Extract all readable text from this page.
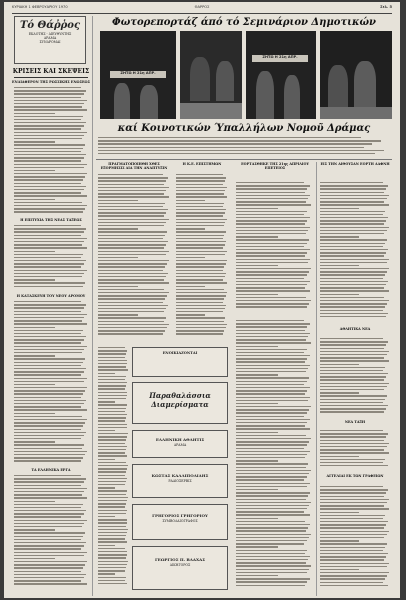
ΚΥΡΙΑΚΗ 1 ΦΕΒΡΟΥΑΡΙΟΥ 1970	ΘΑΡΡΟΣ	Σελ. 5
Τό Θάῤῥος
ΕΚΔΟΤΗΣ - ΔΙΕΥΘΥΝΤΗΣ
ΔΡΑΜΑ
ΣΥΝΔΡΟΜΑΙ
ΚΡΙΣΕΙΣ ΚΑΙ ΣΚΕΨΕΙΣ
ΕΝΔΙΑΦΕΡΟΝ ΤΗΣ ΡΩΣΣΙΚΗΣ ΕΝΩΣΕΩΣ
Η ΕΠΙΤΥΧΙΑ ΤΗΣ ΝΕΑΣ ΤΑΞΕΩΣ
Η ΚΑΤΑΣΚΕΥΗ ΤΟΥ ΝΕΟΥ ΔΡΟΜΟΥ
ΤΑ ΕΛΛΗΝΙΚΑ ΕΡΓΑ
Φωτορεπορτάζ άπό τό Σεμινάριον Δημοτικών
ΖΗΤΩ Η 21η ΑΠΡ.
ΖΗΤΩ Η 21η ΑΠΡ.
καί Κοινοτικών Ύπαλλήλων Νομοῦ Δράμας
ΠΡΑΓΜΑΤΟΠΟΙΗΘΗ ΧΘΕΣ ΕΞΟΡΜΗΣΙΣ ΔΙΑ ΤΗΝ ΑΝΑΠΤΥΞΙΝ
Η Κ.Ε. ΕΠΙΣΤΗΜΩΝ	ΕΟΡΤΑΣΘΗΚΕ ΤΗΣ 21ης ΑΠΡΙΛΙΟΥ ΕΠΕΤΕΙΟΣ
ΕΙΣ ΤΗΝ ΑΙΘΟΥΣΑΝ ΕΟΡΤΗ ΔΑΦΝΗ
ΕΝΟΙΚΙΑΖΟΝΤΑΙ
Παραθαλάσσια Διαμερίσματα
ΕΛΛΗΝΙΚΗ ΑΘΛΗΤΙΣ
ΔΡΑΜΑ
ΚΩΣΤΑΣ ΚΑΛΛΙΠΟΛΙΔΗΣ
ΡΑΔΙΟΣΕΡΒΙΣ
ΓΡΗΓΟΡΙΟΣ ΓΡΗΓΟΡΙΟΥ
ΣΥΜΒΟΛΑΙΟΓΡΑΦΟΣ
ΓΕΩΡΓΙΟΣ Π. ΒΛΑΧΑΣ
ΔΙΚΗΓΟΡΟΣ
ΑΘΛΗΤΙΚΑ ΝΕΑ
ΝΕΑ ΤΑΞΗ
ΑΓΓΕΛΙΑΙ ΕΚ ΤΩΝ ΓΡΑΦΕΙΩΝ
